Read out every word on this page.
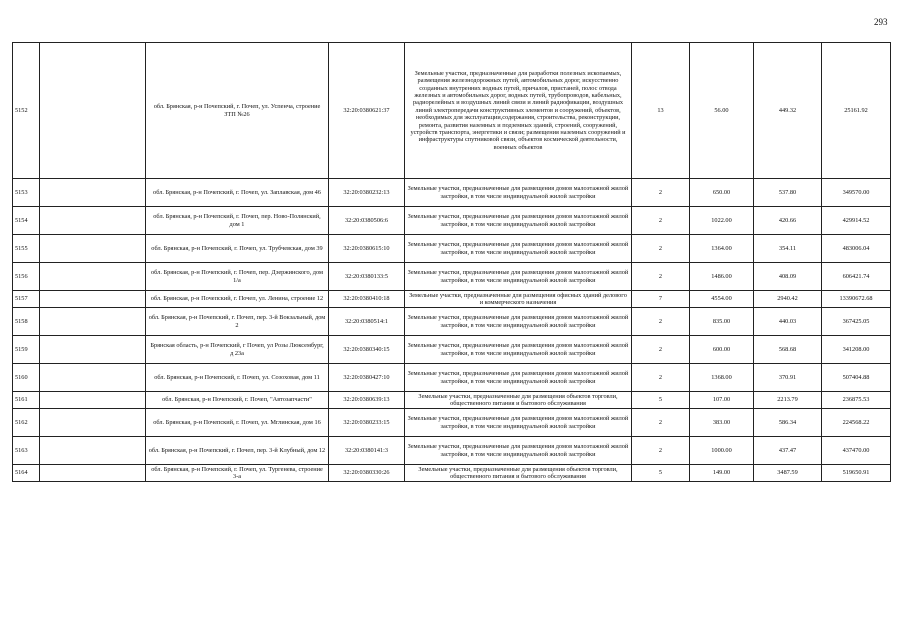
293
5152		обл. Брянская, р-н Почепский, г. Почеп, ул. Успенча, строение ЗТП №26	32:20:0380621:37	Земельные участки, предназначенные для разработки полезных ископаемых, размещения железнодорожных путей, автомобильных дорог, искусственно созданных внутренних водных путей, причалов, пристаней, полос отвода железных и автомобильных дорог, водных путей, трубопроводов, кабельных, радиорелейных и воздушных линий связи и линий радиофикации, воздушных линий электропередачи конструктивных элементов и сооружений, объектов, необходимых для эксплуатации,содержания, строительства, реконструкции, ремонта, развития наземных и подземных зданий, строений, сооружений, устройств транспорта, энергетики и связи; размещения наземных сооружений и инфраструктуры спутниковой связи, объектов космической деятельности, военных объектов	13	56.00	449.32	25161.92
5153		обл. Брянская, р-н Почепский, г. Почеп, ул. Заплавская, дом 46	32:20:0380232:13	Земельные участки, предназначенные для размещения домов малоэтажной жилой застройки, в том числе индивидуальной жилой застройки	2	650.00	537.80	349570.00
5154		обл. Брянская, р-н Почепский, г. Почеп, пер. Ново-Полянский, дом 1	32:20:0380506:6	Земельные участки, предназначенные для размещения домов малоэтажной жилой застройки, в том числе индивидуальной жилой застройки	2	1022.00	420.66	429914.52
5155		обл. Брянская, р-н Почепский, г. Почеп, ул. Трубчевская, дом 39	32:20:0380615:10	Земельные участки, предназначенные для размещения домов малоэтажной жилой застройки, в том числе индивидуальной жилой застройки	2	1364.00	354.11	483006.04
5156		обл. Брянская, р-н Почепский, г. Почеп, пер. Дзержинского, дом 1/а	32:20:0380133:5	Земельные участки, предназначенные для размещения домов малоэтажной жилой застройки, в том числе индивидуальной жилой застройки	2	1486.00	408.09	606421.74
5157		обл. Брянская, р-н Почепский, г. Почеп, ул. Ленина, строение 12	32:20:0380410:18	Земельные участки, предназначенные для размещения офисных зданий делового и коммерческого назначения	7	4554.00	2940.42	13390672.68
5158		обл. Брянская, р-н Почепский, г. Почеп, пер. 3-й Вокзальный, дом 2	32:20:0380514:1	Земельные участки, предназначенные для размещения домов малоэтажной жилой застройки, в том числе индивидуальной жилой застройки	2	835.00	440.03	367425.05
5159		Брянская область, р-н Почепский, г Почеп, ул Розы Люксембург, д 23а	32:20:0380340:15	Земельные участки, предназначенные для размещения домов малоэтажной жилой застройки, в том числе индивидуальной жилой застройки	2	600.00	568.68	341208.00
5160		обл. Брянская, р-н Почепский, г. Почеп, ул. Созоховая, дом 11	32:20:0380427:10	Земельные участки, предназначенные для размещения домов малоэтажной жилой застройки, в том числе индивидуальной жилой застройки	2	1368.00	370.91	507404.88
5161		обл. Брянская, р-н Почепский, г. Почеп, "Автозапчасти"	32:20:0380639:13	Земельные участки, предназначенные для размещения объектов торговли, общественного питания и бытового обслуживания	5	107.00	2213.79	236875.53
5162		обл. Брянская, р-н Почепский, г. Почеп, ул. Мглинская, дом 16	32:20:0380233:15	Земельные участки, предназначенные для размещения домов малоэтажной жилой застройки, в том числе индивидуальной жилой застройки	2	383.00	586.34	224568.22
5163		обл. Брянская, р-н Почепский, г. Почеп, пер. 3-й Клубный, дом 12	32:20:0380141:3	Земельные участки, предназначенные для размещения домов малоэтажной жилой застройки, в том числе индивидуальной жилой застройки	2	1000.00	437.47	437470.00
5164		обл. Брянская, р-н Почепский, г. Почеп, ул. Тургенева, строение 3-а	32:20:0380330:26	Земельные участки, предназначенные для размещения объектов торговли, общественного питания и бытового обслуживания	5	149.00	3487.59	519650.91
